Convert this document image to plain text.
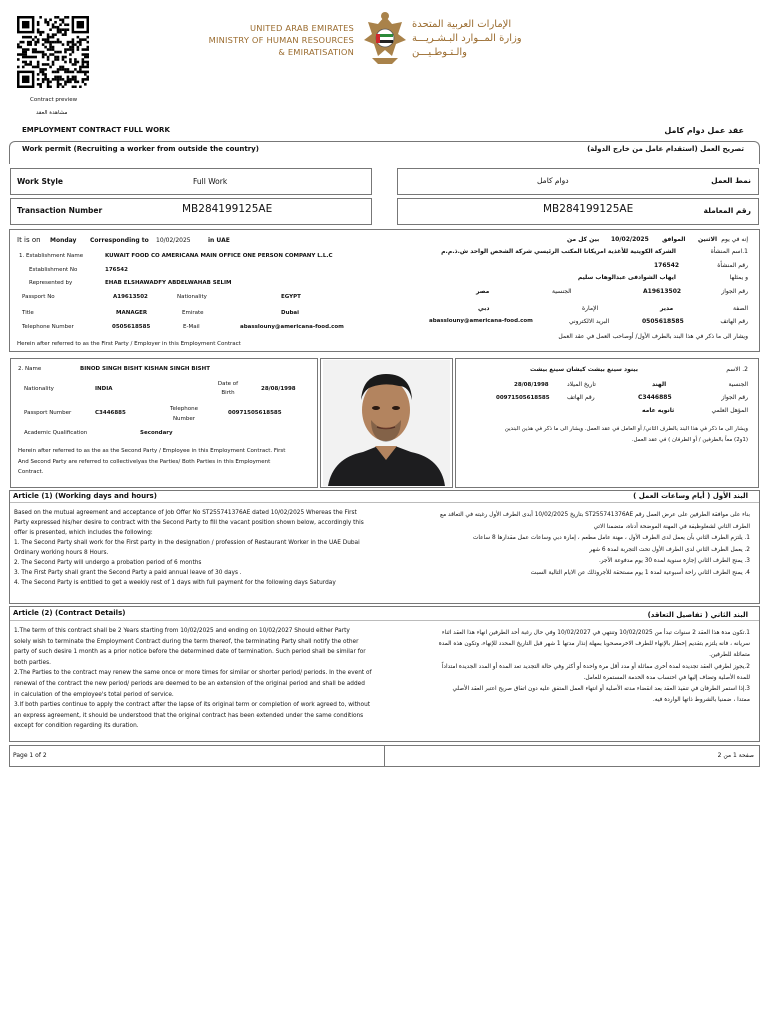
Contract preview
مشاهدة العقد
UNITED ARAB EMIRATES
MINISTRY OF HUMAN RESOURCES
& EMIRATISATION
الإمارات العربية المتحدة
وزارة المــوارد البـشـريـــة
والـتـوطـيـــن
EMPLOYMENT CONTRACT FULL WORK	عقد عمل دوام كامل
Work permit (Recruiting a worker from outside the country)	تصريح العمل (استقدام عامل من خارج الدولة)
Work Style	Full Work	نمط العمل
دوام كامل
Transaction Number	MB284199125AE	رقم المعاملة
MB284199125AE
It is on Monday Corresponding to 10/02/2025	in UAE
1. Establishment Name	KUWAIT FOOD CO AMERICANA MAIN OFFICE ONE PERSON COMPANY L.L.C
Establishment No	176542
Represented by	EHAB ELSHAWADFY ABDELWAHAB SELIM
Passport No	A19613502	Nationality	EGYPT
Title	MANAGER	Emirate	Dubai
Telephone Number	0505618585	E-Mail	abasslouny@americana-food.com
Herein after referred to as the First Party / Employer in this Employment Contract
إنه في يوم
الاثنين
الموافق
10/02/2025
بين كل من
1.اسم المنشأة
الشركة الكويتية للأغذية امريكانا المكتب الرئيسي شركة الشخص الواحد ش.ذ.م.م
رقم المنشأة
176542
و يمثلها
ايهاب الشوادفى عبدالوهاب سليم
رقم الجواز
A19613502
الجنسية
مصر
الصفة
مدير
الإمارة
دبي
رقم الهاتف
0505618585
البريد الالكتروني
abasslouny@americana-food.com
ويشار الى ما ذكر في هذا البند بالطرف الأول/ أوصاحب العمل في عقد العمل
2. Name	BINOD SINGH BISHT KISHAN SINGH BISHT
Nationality	INDIA
Date of Birth
28/08/1998
Passport Number	C3446885
Telephone Number
00971505618585
Academic Qualification	Secondary
Herein after referred to as the as the Second Party / Employee in this Employment Contract. First
And Second Party are referred to collectivelyas the Parties/ Both Parties in this Employment
Contract.
2. الاسم
بينود سينغ بيشت كيشان سينغ بيشت
الجنسية
الهند
تاريخ الميلاد
28/08/1998
رقم الجواز
C3446885
رقم الهاتف
00971505618585
المؤهل العلمي
ثانويه عامه
ويشار الى ما ذكر في هذا البند بالطرف الثاني/ أو العامل في عقد العمل. ويشار الى ما ذكر في هذين البندين
(1و2) معاً بالطرفين / أو الطرفان ) في عقد العمل.
Article (1) (Working days and hours)	البند الأول ( أيام وساعات العمل )
Based on the mutual agreement and acceptance of Job Offer No ST255741376AE dated 10/02/2025 Whereas the First
Party expressed his/her desire to contract with the Second Party to fill the vacant position shown below, accordingly this
offer is presented, which includes the following:
1. The Second Party shall work for the First party in the designation / profession of Restaurant Worker in the UAE Dubai
Ordinary working hours 8 Hours.
2. The Second Party will undergo a probation period of 6 months
3. The First Party shall grant the Second Party a paid annual leave of 30 days .
4. The Second Party is entitled to get a weekly rest of 1 days with full payment for the following days Saturday
بناء على موافقة الطرفين على عرض العمل رقم ST255741376AE بتاريخ 10/02/2025 أبدى الطرف الأول رغبته في التعاقد مع
الطرف الثاني لشغلوظيفة في المهنة الموضحة أدناه، متضمنا الاتي
1. يلتزم الطرف الثاني بأن يعمل لدى الطرف الأول ، مهنة عامل مطعم ، إمارة دبي وساعات عمل مقدارها 8 ساعات
2. يعمل الطرف الثاني لدى الطرف الأول تحت التجربة لمدة 6 شهر
3. يمنح الطرف الثاني إجازة سنوية لمدة 30 يوم مدفوعة الأجر.
4. يمنح الطرف الثاني راحة أسبوعية لمدة 1 يوم مستحقة للأجروذلك عن الايام التالية السبت
Article (2) (Contract Details)	البند الثاني ( تفاصيل التعاقد)
1.The term of this contract shall be 2 Years starting from 10/02/2025 and ending on 10/02/2027 Should either Party
solely wish to terminate the Employment Contract during the term thereof, the terminating Party shall notify the other
party of such desire 1 month as a prior notice before the determined date of termination. Such period shall be similar for
both parties.
2.The Parties to the contract may renew the same once or more times for similar or shorter period/ periods. In the event of
renewal of the contract the new period/ periods are deemed to be an extension of the original period and shall be added
in calculation of the employee's total period of service.
3.If both parties continue to apply the contract after the lapse of its original term or completion of work agreed to, without
an express agreement, it should be understood that the original contract has been extended under the same conditions
except for condition regarding its duration.
1.تكون مدة هذا العقد 2 سنوات تبدأ من 10/02/2025 وتنتهي في 10/02/2027 وفي حال رغبة أحد الطرفين انهاء هذا العقد اثناء
سريانه ، فانه يلتزم بتقديم إخطار بالإنهاء للطرف الاخرمصحوبا بمهلة إنذار مدتها 1 شهر قبل التاريخ المحدد للإنهاء، وتكون هذه المدة
متماثلة للطرفين.
2.يجوز لطرفي العقد تجديده لمدة أخرى مماثلة أو مدد أقل مرة واحدة أو أكثر وفي حالة التجديد تعد المدة أو المدد الجديدة امتداداً
للمدة الأصلية وتضاف إليها في احتساب مدة الخدمة المستمرة للعامل.
3.إذا استمر الطرفان في تنفيذ العقد بعد انقضاء مدته الأصلية أو انتهاء العمل المتفق عليه دون اتفاق صريح اعتبر العقد الأصلي
ممتدا ، ضمنيا بالشروط ذاتها الواردة فيه.
Page 1 of 2	صفحة 1 من 2
